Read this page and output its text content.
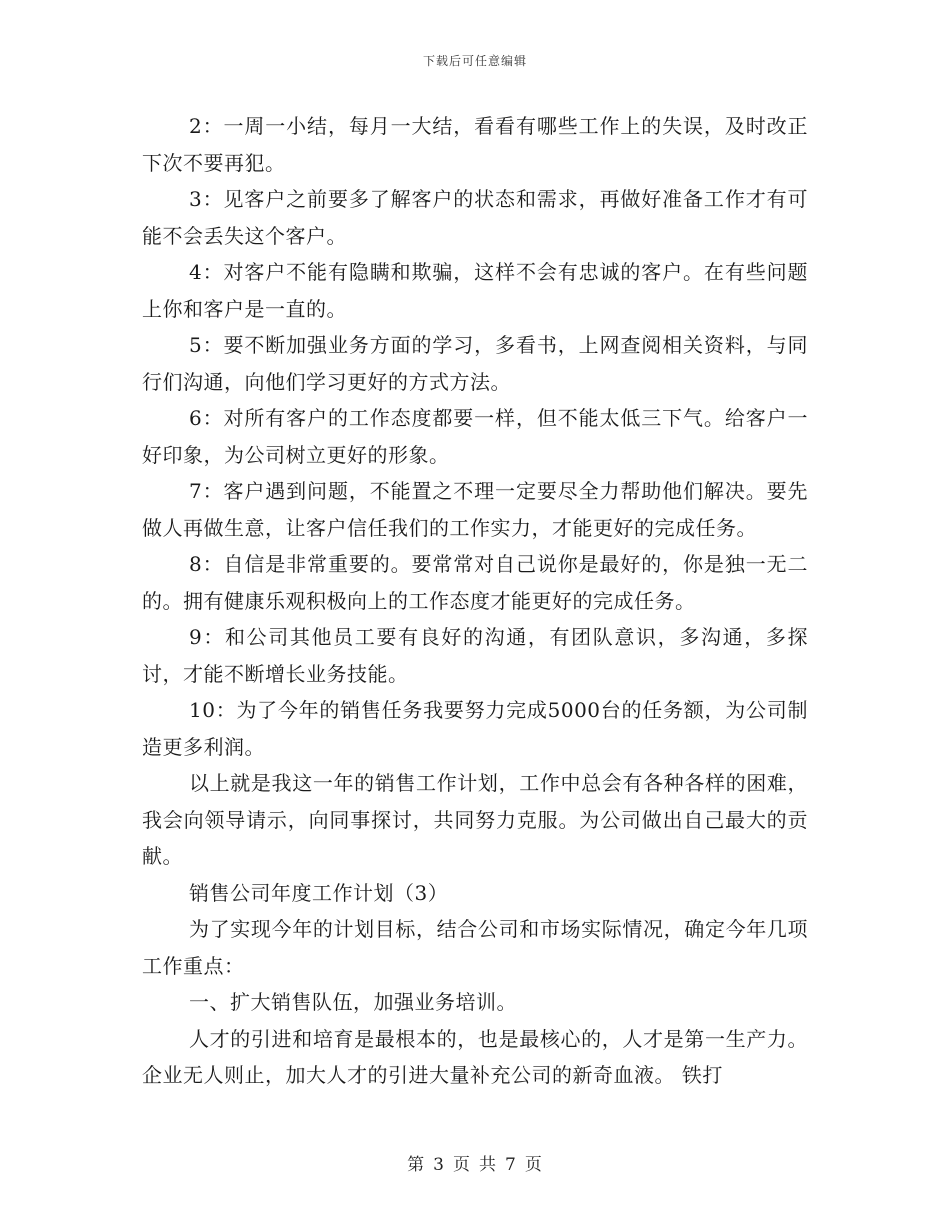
下载后可任意编辑

2：一周一小结，每月一大结，看看有哪些工作上的失误，及时改正下次不要再犯。

3：见客户之前要多了解客户的状态和需求，再做好准备工作才有可能不会丢失这个客户。

4：对客户不能有隐瞒和欺骗，这样不会有忠诚的客户。在有些问题上你和客户是一直的。

5：要不断加强业务方面的学习，多看书，上网查阅相关资料，与同行们沟通，向他们学习更好的方式方法。

6：对所有客户的工作态度都要一样，但不能太低三下气。给客户一好印象，为公司树立更好的形象。

7：客户遇到问题，不能置之不理一定要尽全力帮助他们解决。要先做人再做生意，让客户信任我们的工作实力，才能更好的完成任务。

8：自信是非常重要的。要常常对自己说你是最好的，你是独一无二的。拥有健康乐观积极向上的工作态度才能更好的完成任务。

9：和公司其他员工要有良好的沟通，有团队意识，多沟通，多探讨，才能不断增长业务技能。

10：为了今年的销售任务我要努力完成5000台的任务额，为公司制造更多利润。

以上就是我这一年的销售工作计划，工作中总会有各种各样的困难，我会向领导请示，向同事探讨，共同努力克服。为公司做出自己最大的贡献。

销售公司年度工作计划（3）

为了实现今年的计划目标，结合公司和市场实际情况，确定今年几项工作重点：

一、扩大销售队伍，加强业务培训。

人才的引进和培育是最根本的，也是最核心的，人才是第一生产力。企业无人则止，加大人才的引进大量补充公司的新奇血液。 铁打

第 3 页 共 7 页
